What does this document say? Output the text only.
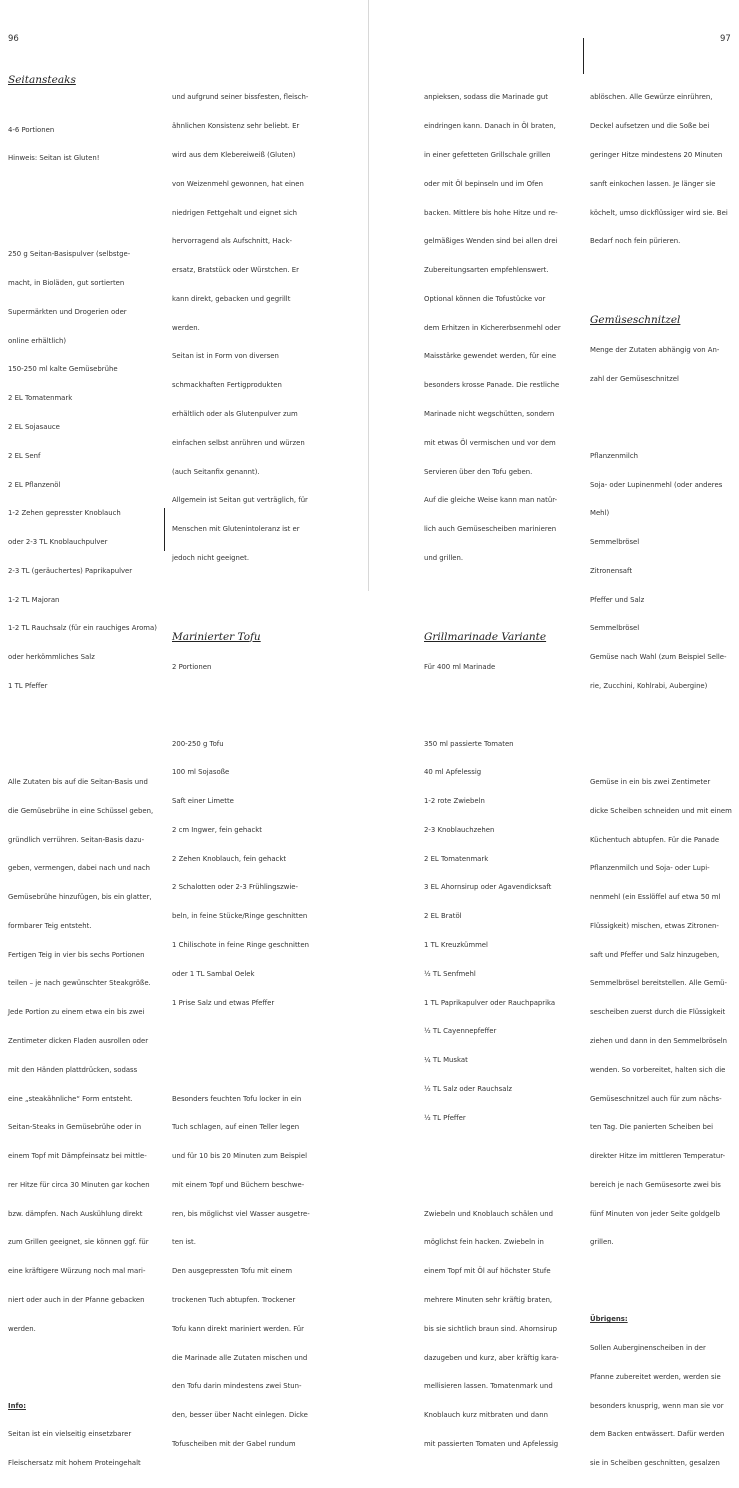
96

Seitansteaks

4-6 Portionen

Hinweis: Seitan ist Gluten!

250 g Seitan-Basispulver (selbstge-

macht, in Bioläden, gut sortierten

Supermärkten und Drogerien oder

online erhältlich)

150-250 ml kalte Gemüsebrühe

2 EL Tomatenmark

2 EL Sojasauce

2 EL Senf

2 EL Pflanzenöl

1-2 Zehen gepresster Knoblauch

oder 2-3 TL Knoblauchpulver

2-3 TL (geräuchertes) Paprikapulver

1-2 TL Majoran

1-2 TL Rauchsalz (für ein rauchiges Aroma)

oder herkömmliches Salz

1 TL Pfeffer

Alle Zutaten bis auf die Seitan-Basis und

die Gemüsebrühe in eine Schüssel geben,

gründlich verrühren. Seitan-Basis dazu-

geben, vermengen, dabei nach und nach

Gemüsebrühe hinzufügen, bis ein glatter,

formbarer Teig entsteht.

Fertigen Teig in vier bis sechs Portionen

teilen – je nach gewünschter Steakgröße.

Jede Portion zu einem etwa ein bis zwei

Zentimeter dicken Fladen ausrollen oder

mit den Händen plattdrücken, sodass

eine „steakähnliche“ Form entsteht.

Seitan-Steaks in Gemüsebrühe oder in

einem Topf mit Dämpfeinsatz bei mittle-

rer Hitze für circa 30 Minuten gar kochen

bzw. dämpfen. Nach Auskühlung direkt

zum Grillen geeignet, sie können ggf. für

eine kräftigere Würzung noch mal mari-

niert oder auch in der Pfanne gebacken

werden.

Info:

Seitan ist ein vielseitig einsetzbarer

Fleischersatz mit hohem Proteingehalt

und aufgrund seiner bissfesten, fleisch-

ähnlichen Konsistenz sehr beliebt. Er

wird aus dem Klebereiweiß (Gluten)

von Weizenmehl gewonnen, hat einen

niedrigen Fettgehalt und eignet sich

hervorragend als Aufschnitt, Hack-

ersatz, Bratstück oder Würstchen. Er

kann direkt, gebacken und gegrillt

werden.

Seitan ist in Form von diversen

schmackhaften Fertigprodukten

erhältlich oder als Glutenpulver zum

einfachen selbst anrühren und würzen

(auch Seitanfix genannt).

Allgemein ist Seitan gut verträglich, für

Menschen mit Glutenintoleranz ist er

jedoch nicht geeignet.

Marinierter Tofu

2 Portionen

200-250 g Tofu

100 ml Sojasoße

Saft einer Limette

2 cm Ingwer, fein gehackt

2 Zehen Knoblauch, fein gehackt

2 Schalotten oder 2-3 Frühlingszwie-

beln, in feine Stücke/Ringe geschnitten

1 Chilischote in feine Ringe geschnitten

oder 1 TL Sambal Oelek

1 Prise Salz und etwas Pfeffer

Besonders feuchten Tofu locker in ein

Tuch schlagen, auf einen Teller legen

und für 10 bis 20 Minuten zum Beispiel

mit einem Topf und Büchern beschwe-

ren, bis möglichst viel Wasser ausgetre-

ten ist.

Den ausgepressten Tofu mit einem

trockenen Tuch abtupfen. Trockener

Tofu kann direkt mariniert werden. Für

die Marinade alle Zutaten mischen und

den Tofu darin mindestens zwei Stun-

den, besser über Nacht einlegen. Dicke

Tofuscheiben mit der Gabel rundum

97

anpieksen, sodass die Marinade gut

eindringen kann. Danach in Öl braten,

in einer gefetteten Grillschale grillen

oder mit Öl bepinseln und im Ofen

backen. Mittlere bis hohe Hitze und re-

gelmäßiges Wenden sind bei allen drei

Zubereitungsarten empfehlenswert.

Optional können die Tofustücke vor

dem Erhitzen in Kichererbsenmehl oder

Maisstärke gewendet werden, für eine

besonders krosse Panade. Die restliche

Marinade nicht wegschütten, sondern

mit etwas Öl vermischen und vor dem

Servieren über den Tofu geben.

Auf die gleiche Weise kann man natür-

lich auch Gemüsescheiben marinieren

und grillen.

Grillmarinade Variante

Für 400 ml Marinade

350 ml passierte Tomaten

40 ml Apfelessig

1-2 rote Zwiebeln

2-3 Knoblauchzehen

2 EL Tomatenmark

3 EL Ahornsirup oder Agavendicksaft

2 EL Bratöl

1 TL Kreuzkümmel

½ TL Senfmehl

1 TL Paprikapulver oder Rauchpaprika

½ TL Cayennepfeffer

¼ TL Muskat

½ TL Salz oder Rauchsalz

½ TL Pfeffer

Zwiebeln und Knoblauch schälen und

möglichst fein hacken. Zwiebeln in

einem Topf mit Öl auf höchster Stufe

mehrere Minuten sehr kräftig braten,

bis sie sichtlich braun sind. Ahornsirup

dazugeben und kurz, aber kräftig kara-

mellisieren lassen. Tomatenmark und

Knoblauch kurz mitbraten und dann

mit passierten Tomaten und Apfelessig

ablöschen. Alle Gewürze einrühren,

Deckel aufsetzen und die Soße bei

geringer Hitze mindestens 20 Minuten

sanft einkochen lassen. Je länger sie

köchelt, umso dickflüssiger wird sie. Bei

Bedarf noch fein pürieren.

Gemüseschnitzel

Menge der Zutaten abhängig von An-

zahl der Gemüseschnitzel

Pflanzenmilch

Soja- oder Lupinenmehl (oder anderes

Mehl)

Semmelbrösel

Zitronensaft

Pfeffer und Salz

Semmelbrösel

Gemüse nach Wahl (zum Beispiel Selle-

rie, Zucchini, Kohlrabi, Aubergine)

Gemüse in ein bis zwei Zentimeter

dicke Scheiben schneiden und mit einem

Küchentuch abtupfen. Für die Panade

Pflanzenmilch und Soja- oder Lupi-

nenmehl (ein Esslöffel auf etwa 50 ml

Flüssigkeit) mischen, etwas Zitronen-

saft und Pfeffer und Salz hinzugeben,

Semmelbrösel bereitstellen. Alle Gemü-

sescheiben zuerst durch die Flüssigkeit

ziehen und dann in den Semmelbröseln

wenden. So vorbereitet, halten sich die

Gemüseschnitzel auch für zum nächs-

ten Tag. Die panierten Scheiben bei

direkter Hitze im mittleren Temperatur-

bereich je nach Gemüsesorte zwei bis

fünf Minuten von jeder Seite goldgelb

grillen.

Übrigens:

Sollen Auberginenscheiben in der

Pfanne zubereitet werden, werden sie

besonders knusprig, wenn man sie vor

dem Backen entwässert. Dafür werden

sie in Scheiben geschnitten, gesalzen
